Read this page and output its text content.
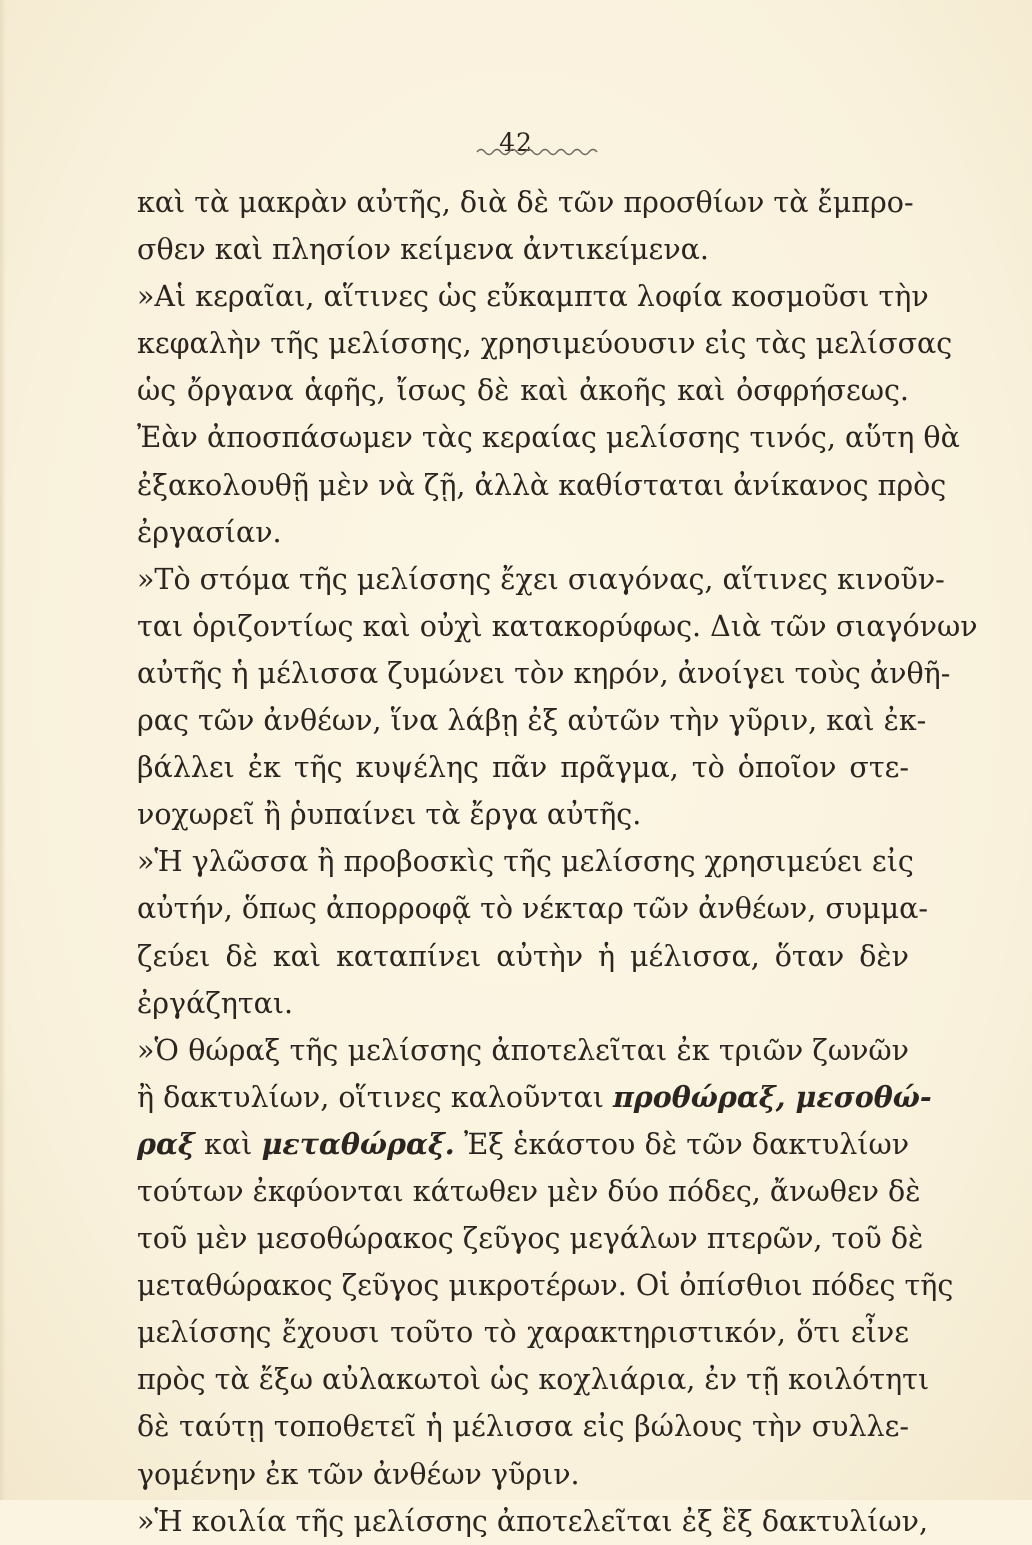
42
καὶ τὰ μακρὰν αὐτῆς, διὰ δὲ τῶν προσθίων τὰ ἔμπρο-
σθεν καὶ πλησίον κείμενα ἀντικείμενα.
»Αἱ κεραῖαι, αἵτινες ὡς εὔκαμπτα λοφία κοσμοῦσι τὴν
κεφαλὴν τῆς μελίσσης, χρησιμεύουσιν εἰς τὰς μελίσσας
ὡς ὄργανα ἁφῆς, ἴσως δὲ καὶ ἀκοῆς καὶ ὀσφρήσεως.
Ἐὰν ἀποσπάσωμεν τὰς κεραίας μελίσσης τινός, αὕτη θὰ
ἐξακολουθῇ μὲν νὰ ζῇ, ἀλλὰ καθίσταται ἀνίκανος πρὸς
ἐργασίαν.
»Τὸ στόμα τῆς μελίσσης ἔχει σιαγόνας, αἵτινες κινοῦν-
ται ὁριζοντίως καὶ οὐχὶ κατακορύφως. Διὰ τῶν σιαγόνων
αὐτῆς ἡ μέλισσα ζυμώνει τὸν κηρόν, ἀνοίγει τοὺς ἀνθῆ-
ρας τῶν ἀνθέων, ἵνα λάβῃ ἐξ αὐτῶν τὴν γῦριν, καὶ ἐκ-
βάλλει ἐκ τῆς κυψέλης πᾶν πρᾶγμα, τὸ ὁποῖον στε-
νοχωρεῖ ἢ ῥυπαίνει τὰ ἔργα αὐτῆς.
»Ἡ γλῶσσα ἢ προβοσκὶς τῆς μελίσσης χρησιμεύει εἰς
αὐτήν, ὅπως ἀπορροφᾷ τὸ νέκταρ τῶν ἀνθέων, συμμα-
ζεύει δὲ καὶ καταπίνει αὐτὴν ἡ μέλισσα, ὅταν δὲν
ἐργάζηται.
»Ὁ θώραξ τῆς μελίσσης ἀποτελεῖται ἐκ τριῶν ζωνῶν
ἢ δακτυλίων, οἵτινες καλοῦνται προθώραξ, μεσοθώ-
ραξ καὶ μεταθώραξ. Ἐξ ἑκάστου δὲ τῶν δακτυλίων
τούτων ἐκφύονται κάτωθεν μὲν δύο πόδες, ἄνωθεν δὲ
τοῦ μὲν μεσοθώρακος ζεῦγος μεγάλων πτερῶν, τοῦ δὲ
μεταθώρακος ζεῦγος μικροτέρων. Οἱ ὀπίσθιοι πόδες τῆς
μελίσσης ἔχουσι τοῦτο τὸ χαρακτηριστικόν, ὅτι εἶνε
πρὸς τὰ ἔξω αὐλακωτοὶ ὡς κοχλιάρια, ἐν τῇ κοιλότητι
δὲ ταύτῃ τοποθετεῖ ἡ μέλισσα εἰς βώλους τὴν συλλε-
γομένην ἐκ τῶν ἀνθέων γῦριν.
»Ἡ κοιλία τῆς μελίσσης ἀποτελεῖται ἐξ ἓξ δακτυλίων,
